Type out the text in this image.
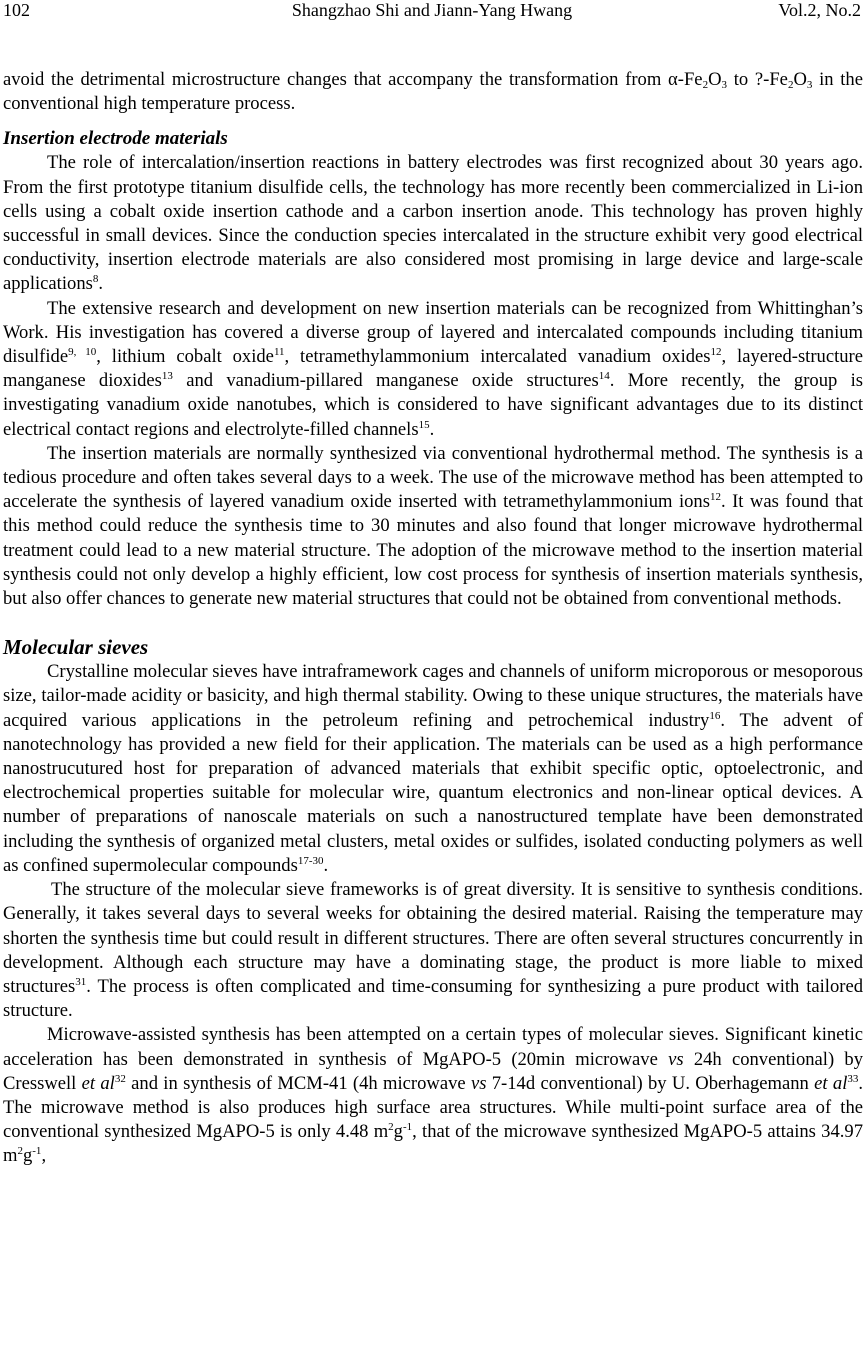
102	Shangzhao Shi and Jiann-Yang Hwang	Vol.2, No.2

avoid the detrimental microstructure changes that accompany the transformation from $\alpha-Fe_2O_3$ to $?-Fe_2O_3$ in the conventional high temperature process.

Insertion electrode materials

The role of intercalation/insertion reactions in battery electrodes was first recognized about 30 years ago. From the first prototype titanium disulfide cells, the technology has more recently been commercialized in Li-ion cells using a cobalt oxide insertion cathode and a carbon insertion anode. This technology has proven highly successful in small devices. Since the conduction species intercalated in the structure exhibit very good electrical conductivity, insertion electrode materials are also considered most promising in large device and large-scale applications$^8$.

The extensive research and development on new insertion materials can be recognized from Whittinghan’s Work. His investigation has covered a diverse group of layered and intercalated compounds including titanium disulfide$^{9, 10}$, lithium cobalt oxide$^{11}$, tetramethylammonium intercalated vanadium oxides$^{12}$, layered-structure manganese dioxides$^{13}$ and vanadium-pillared manganese oxide structures$^{14}$. More recently, the group is investigating vanadium oxide nanotubes, which is considered to have significant advantages due to its distinct electrical contact regions and electrolyte-filled channels$^{15}$.

The insertion materials are normally synthesized via conventional hydrothermal method. The synthesis is a tedious procedure and often takes several days to a week. The use of the microwave method has been attempted to accelerate the synthesis of layered vanadium oxide inserted with tetramethylammonium ions$^{12}$. It was found that this method could reduce the synthesis time to 30 minutes and also found that longer microwave hydrothermal treatment could lead to a new material structure. The adoption of the microwave method to the insertion material synthesis could not only develop a highly efficient, low cost process for synthesis of insertion materials synthesis, but also offer chances to generate new material structures that could not be obtained from conventional methods.

Molecular sieves

Crystalline molecular sieves have intraframework cages and channels of uniform microporous or mesoporous size, tailor-made acidity or basicity, and high thermal stability. Owing to these unique structures, the materials have acquired various applications in the petroleum refining and petrochemical industry$^{16}$. The advent of nanotechnology has provided a new field for their application. The materials can be used as a high performance nanostrucutured host for preparation of advanced materials that exhibit specific optic, optoelectronic, and electrochemical properties suitable for molecular wire, quantum electronics and non-linear optical devices. A number of preparations of nanoscale materials on such a nanostructured template have been demonstrated including the synthesis of organized metal clusters, metal oxides or sulfides, isolated conducting polymers as well as confined supermolecular compounds$^{17-30}$.

The structure of the molecular sieve frameworks is of great diversity. It is sensitive to synthesis conditions. Generally, it takes several days to several weeks for obtaining the desired material. Raising the temperature may shorten the synthesis time but could result in different structures. There are often several structures concurrently in development. Although each structure may have a dominating stage, the product is more liable to mixed structures$^{31}$. The process is often complicated and time-consuming for synthesizing a pure product with tailored structure.

Microwave-assisted synthesis has been attempted on a certain types of molecular sieves. Significant kinetic acceleration has been demonstrated in synthesis of MgAPO-5 (20min microwave vs 24h conventional) by Cresswell et $al^{32}$ and in synthesis of MCM-41 (4h microwave vs 7-14d conventional) by U. Oberhagemann et $al^{33}$. The microwave method is also produces high surface area structures. While multi-point surface area of the conventional synthesized MgAPO-5 is only 4.48 $m^2g^{-1}$, that of the microwave synthesized MgAPO-5 attains 34.97 $m^2g^{-1}$,
